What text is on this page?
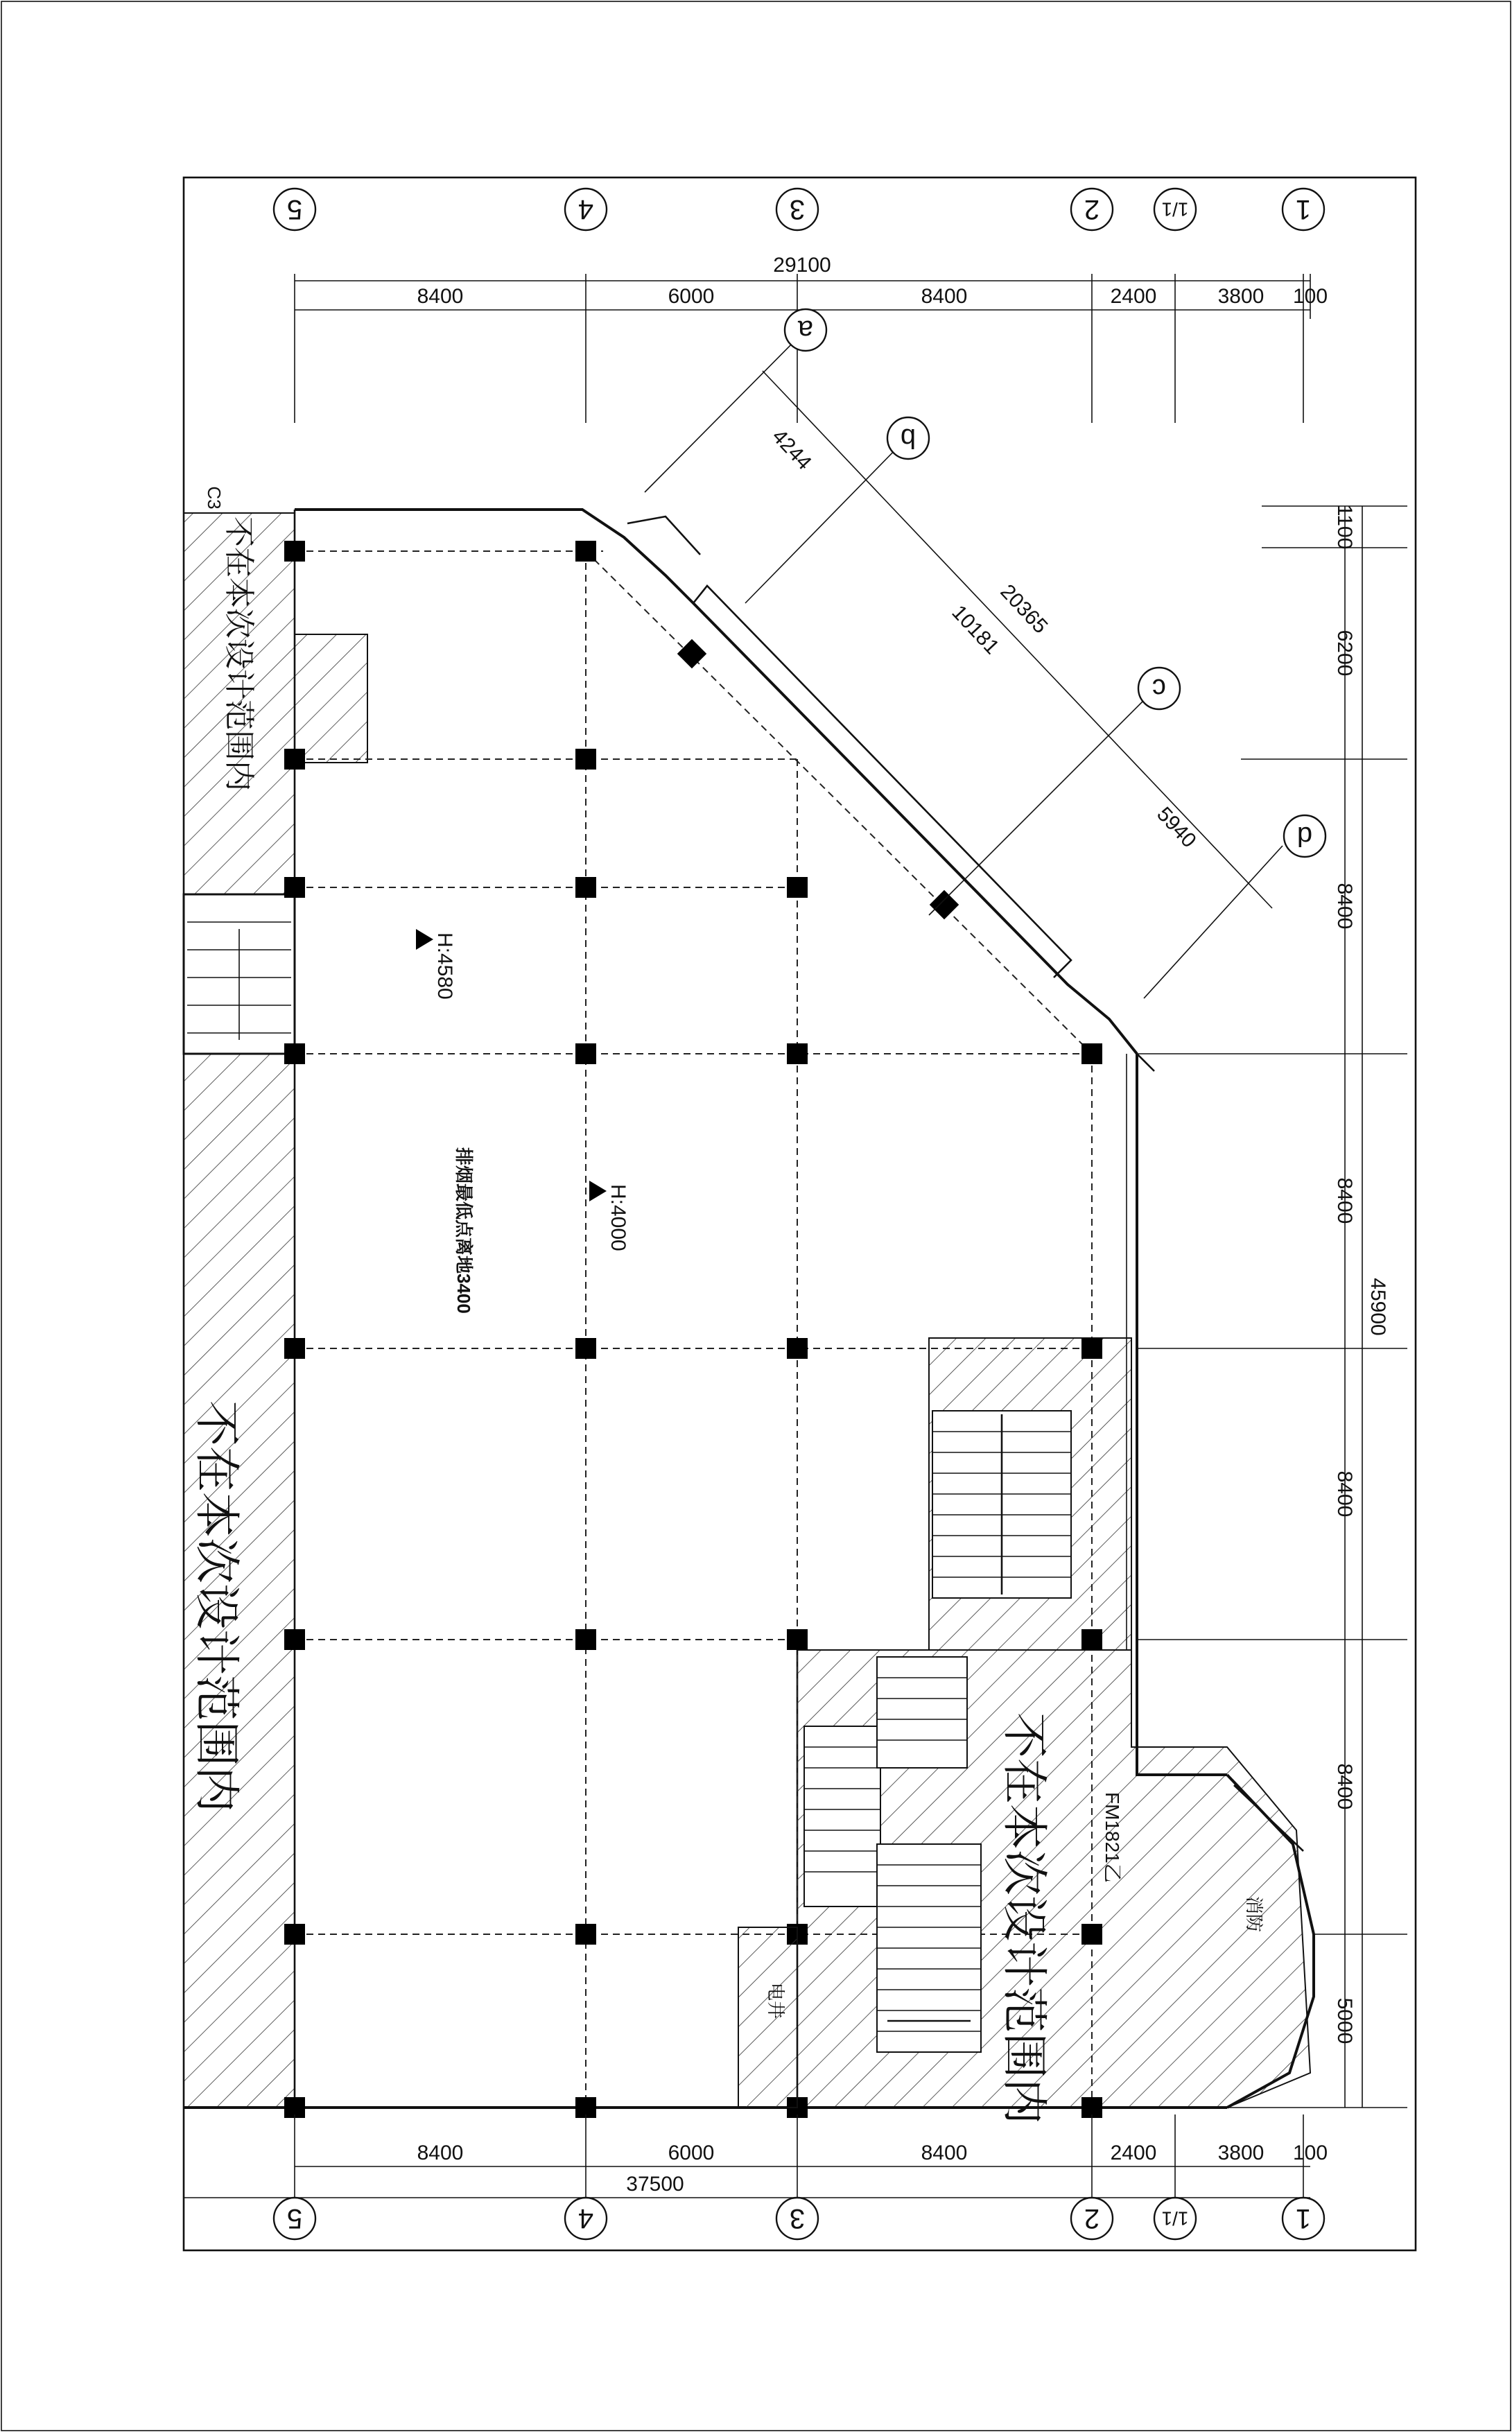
29100
8400	6000	8400	2400	3800 100
5	4	3	2	1/1	1
8400	6000	8400	2400	3800 100
37500
5	4	3	2	1/1	1
1100
6200
8400
8400
8400
8400
5000
45900
4244
10181
20365
5940
a
b
c
d
不在本次设计范围内
不在本次设计范围内
不在本次设计范围内
排烟最低点离地3400
H:4580
H:4000
FM1821乙
C3
电井
消防
